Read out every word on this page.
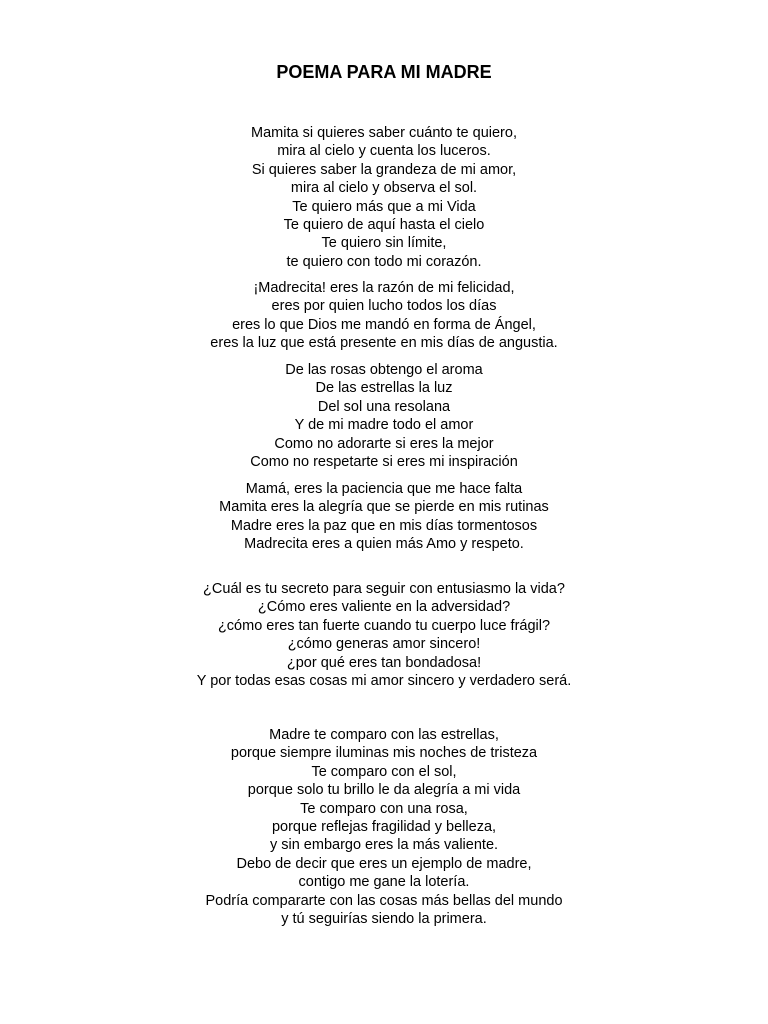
POEMA PARA MI MADRE
Mamita si quieres saber cuánto te quiero,
mira al cielo y cuenta los luceros.
Si quieres saber la grandeza de mi amor,
mira al cielo y observa el sol.
Te quiero más que a mi Vida
Te quiero de aquí hasta el cielo
Te quiero sin límite,
te quiero con todo mi corazón.
¡Madrecita! eres la razón de mi felicidad,
eres por quien lucho todos los días
eres lo que Dios me mandó en forma de Ángel,
eres la luz que está presente en mis días de angustia.
De las rosas obtengo el aroma
De las estrellas la luz
Del sol una resolana
Y de mi madre todo el amor
Como no adorarte si eres la mejor
Como no respetarte si eres mi inspiración
Mamá, eres la paciencia que me hace falta
Mamita eres la alegría que se pierde en mis rutinas
Madre eres la paz que en mis días tormentosos
Madrecita eres a quien más Amo y respeto.
¿Cuál es tu secreto para seguir con entusiasmo la vida?
¿Cómo eres valiente en la adversidad?
¿cómo eres tan fuerte cuando tu cuerpo luce frágil?
¿cómo generas amor sincero!
¿por qué eres tan bondadosa!
Y por todas esas cosas mi amor sincero y verdadero será.
Madre te comparo con las estrellas,
porque siempre iluminas mis noches de tristeza
Te comparo con el sol,
porque solo tu brillo le da alegría a mi vida
Te comparo con una rosa,
porque reflejas fragilidad y belleza,
y sin embargo eres la más valiente.
Debo de decir que eres un ejemplo de madre,
contigo me gane la lotería.
Podría compararte con las cosas más bellas del mundo
y tú seguirías siendo la primera.
